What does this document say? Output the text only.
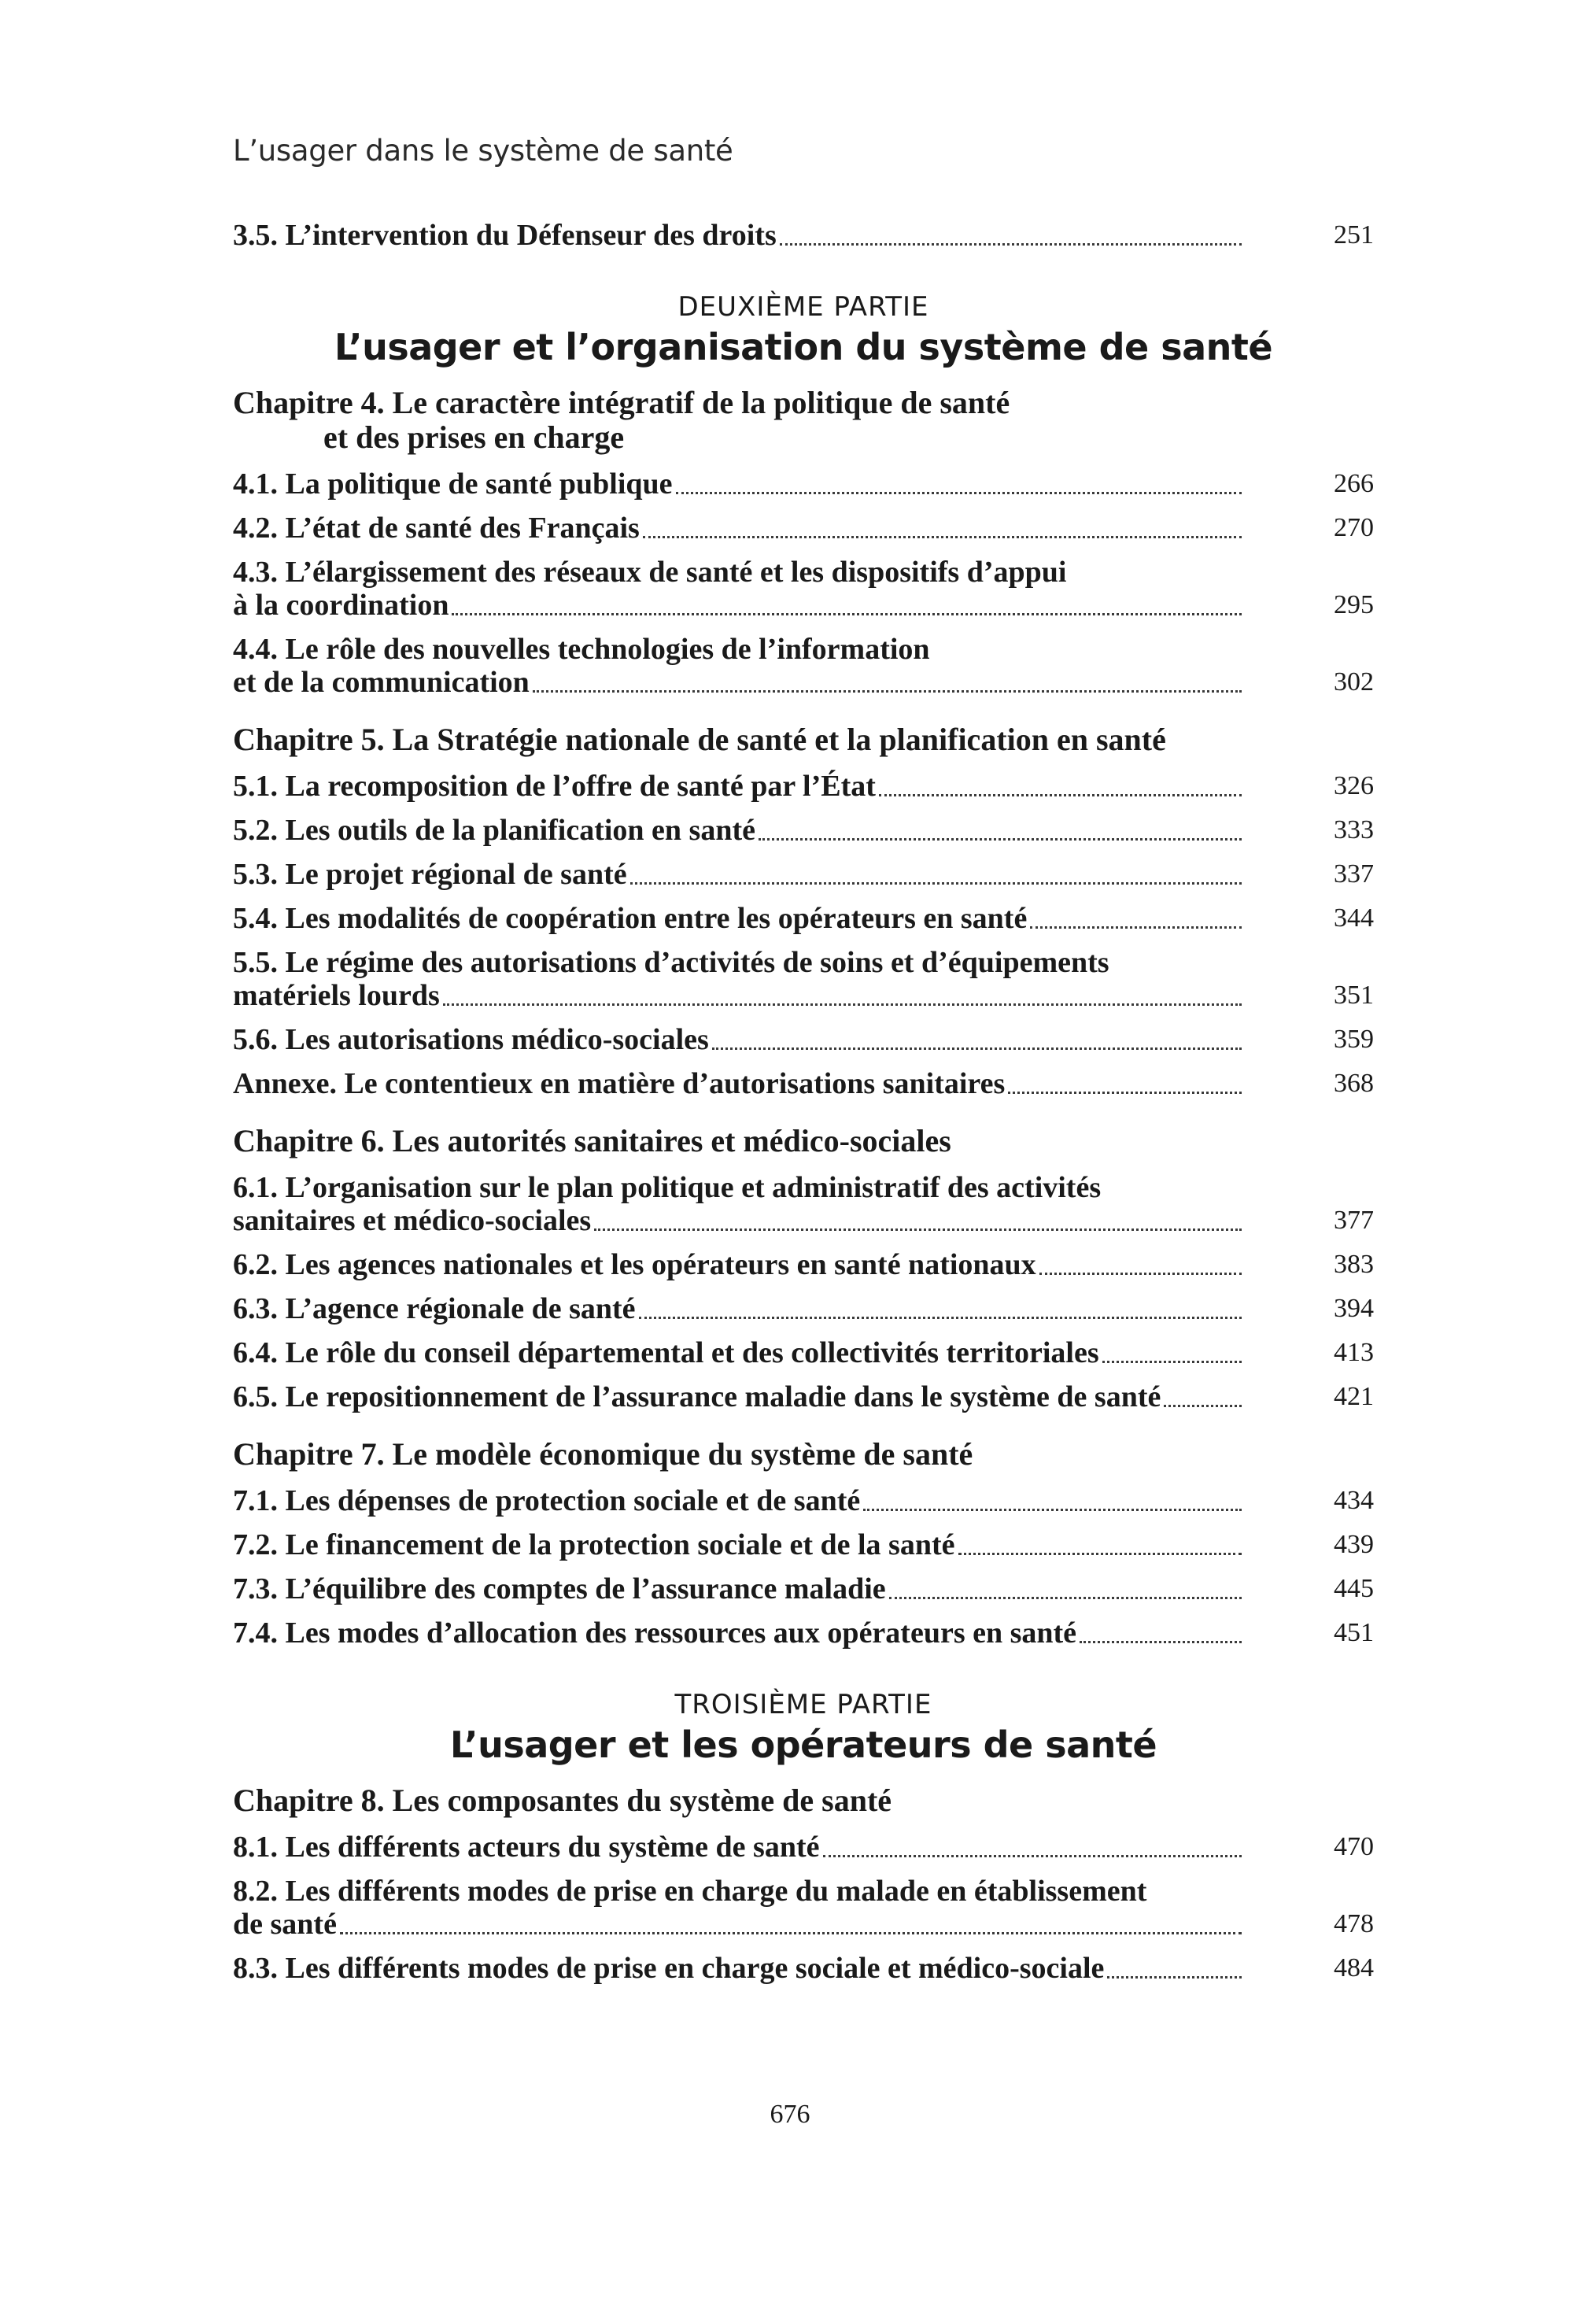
L’usager dans le système de santé
3.5. L’intervention du Défenseur des droits	251
DEUXIÈME PARTIE
L’usager et l’organisation du système de santé
Chapitre 4. Le caractère intégratif de la politique de santé
et des prises en charge
4.1. La politique de santé publique	266
4.2. L’état de santé des Français	270
4.3. L’élargissement des réseaux de santé et les dispositifs d’appui
à la coordination	295
4.4. Le rôle des nouvelles technologies de l’information
et de la communication	302
Chapitre 5. La Stratégie nationale de santé et la planification en santé
5.1. La recomposition de l’offre de santé par l’État	326
5.2. Les outils de la planification en santé	333
5.3. Le projet régional de santé	337
5.4. Les modalités de coopération entre les opérateurs en santé	344
5.5. Le régime des autorisations d’activités de soins et d’équipements
matériels lourds	351
5.6. Les autorisations médico-sociales	359
Annexe. Le contentieux en matière d’autorisations sanitaires	368
Chapitre 6. Les autorités sanitaires et médico-sociales
6.1. L’organisation sur le plan politique et administratif des activités
sanitaires et médico-sociales	377
6.2. Les agences nationales et les opérateurs en santé nationaux	383
6.3. L’agence régionale de santé	394
6.4. Le rôle du conseil départemental et des collectivités territoriales	413
6.5. Le repositionnement de l’assurance maladie dans le système de santé	421
Chapitre 7. Le modèle économique du système de santé
7.1. Les dépenses de protection sociale et de santé	434
7.2. Le financement de la protection sociale et de la santé	439
7.3. L’équilibre des comptes de l’assurance maladie	445
7.4. Les modes d’allocation des ressources aux opérateurs en santé	451
TROISIÈME PARTIE
L’usager et les opérateurs de santé
Chapitre 8. Les composantes du système de santé
8.1. Les différents acteurs du système de santé	470
8.2. Les différents modes de prise en charge du malade en établissement
de santé	478
8.3. Les différents modes de prise en charge sociale et médico-sociale	484
676
